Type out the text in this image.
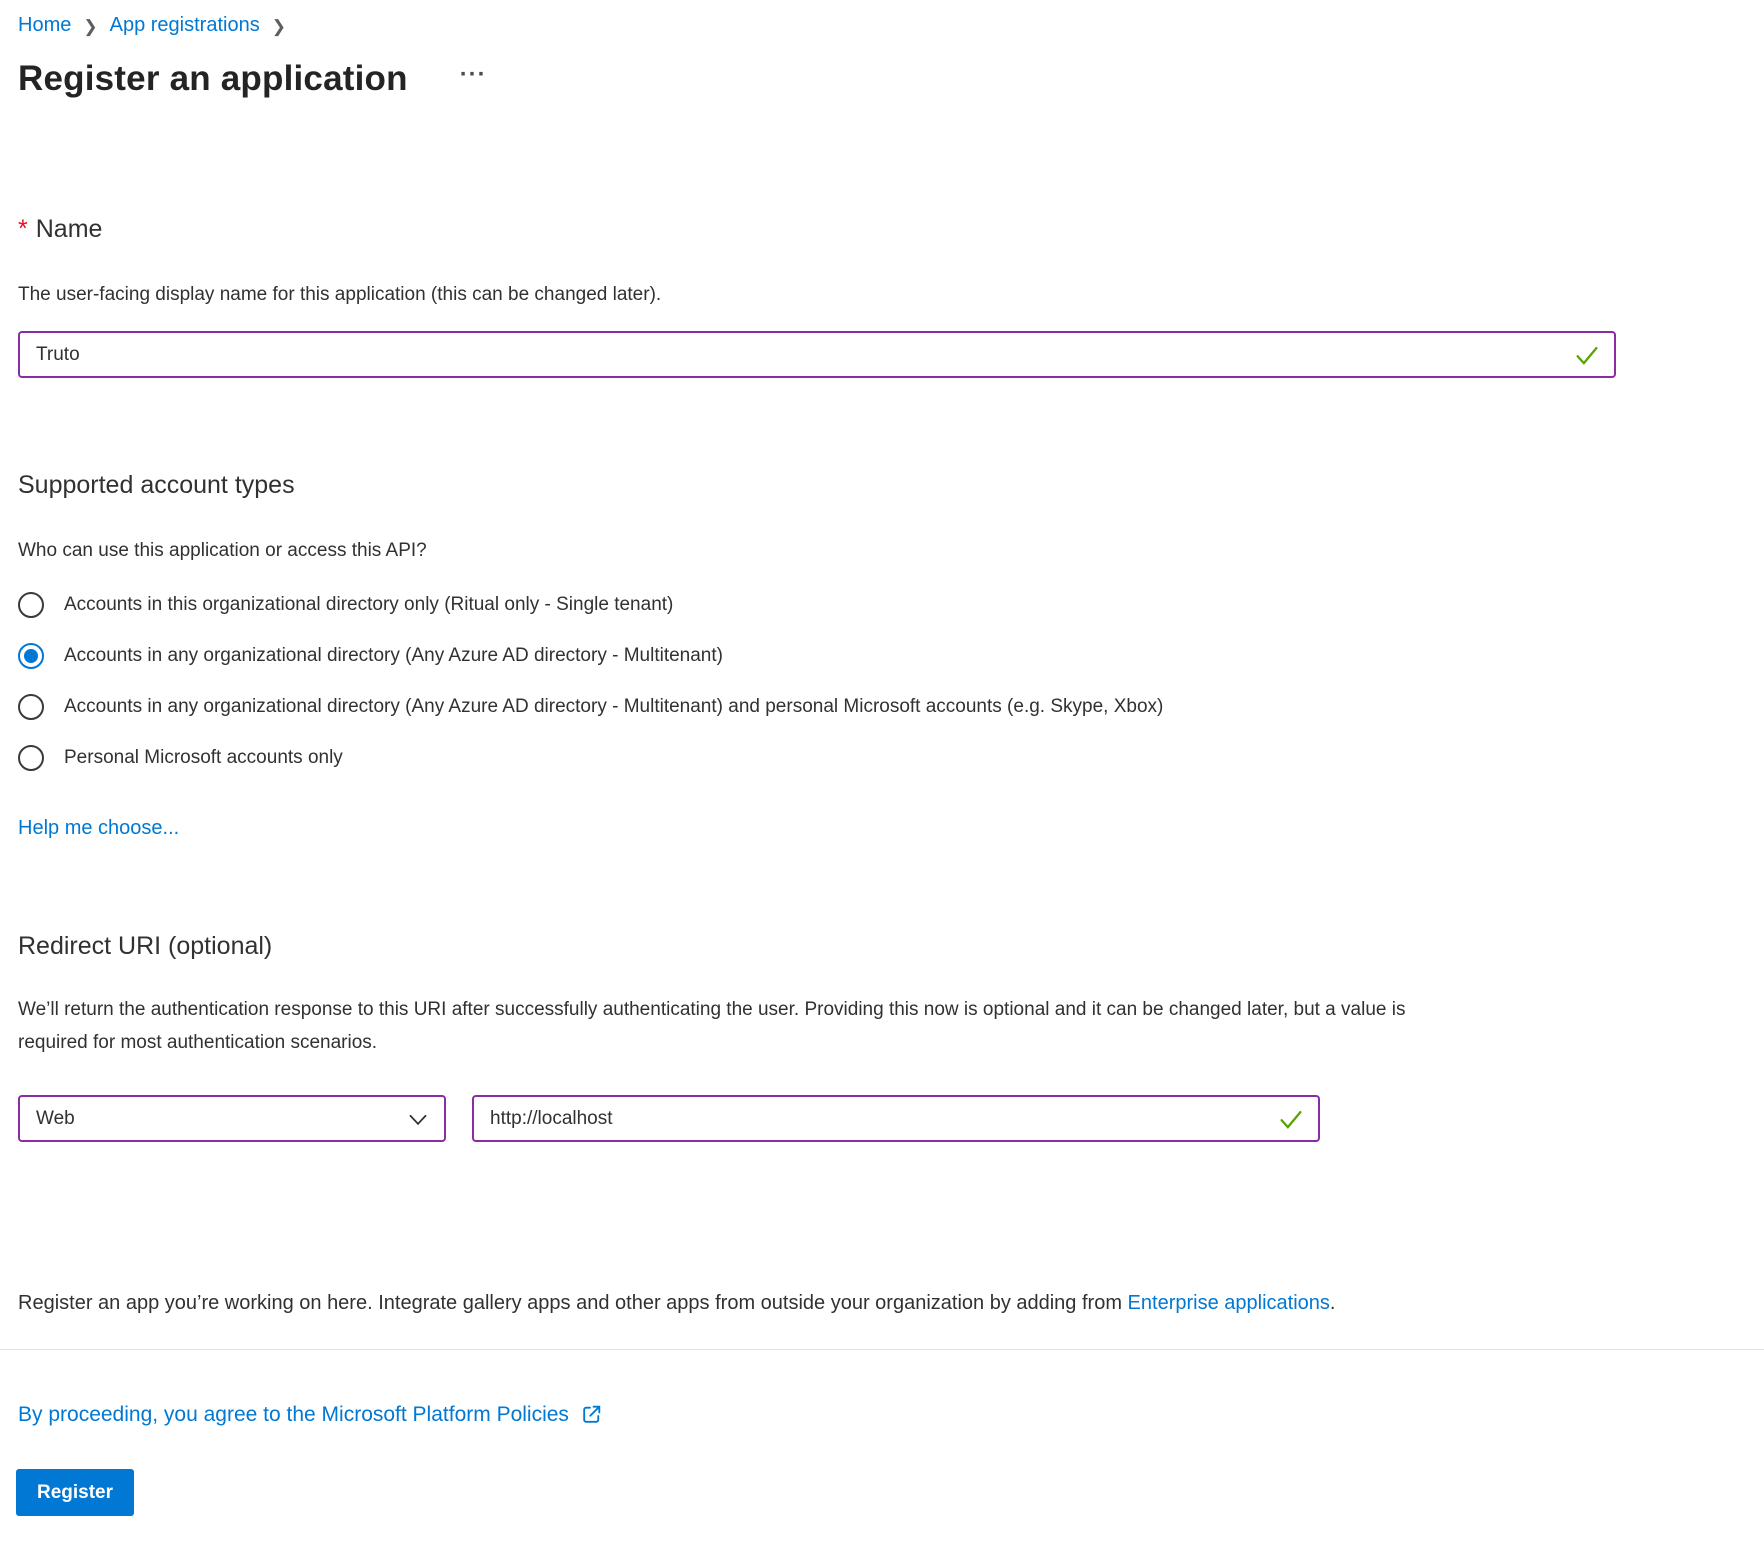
Home ❯ App registrations ❯
Register an application ···
* Name
The user-facing display name for this application (this can be changed later).
Truto
Supported account types
Who can use this application or access this API?
Accounts in this organizational directory only (Ritual only - Single tenant)
Accounts in any organizational directory (Any Azure AD directory - Multitenant)
Accounts in any organizational directory (Any Azure AD directory - Multitenant) and personal Microsoft accounts (e.g. Skype, Xbox)
Personal Microsoft accounts only
Help me choose...
Redirect URI (optional)
We’ll return the authentication response to this URI after successfully authenticating the user. Providing this now is optional and it can be changed later, but a value is required for most authentication scenarios.
Web
http://localhost
Register an app you’re working on here. Integrate gallery apps and other apps from outside your organization by adding from Enterprise applications.
By proceeding, you agree to the Microsoft Platform Policies
Register
